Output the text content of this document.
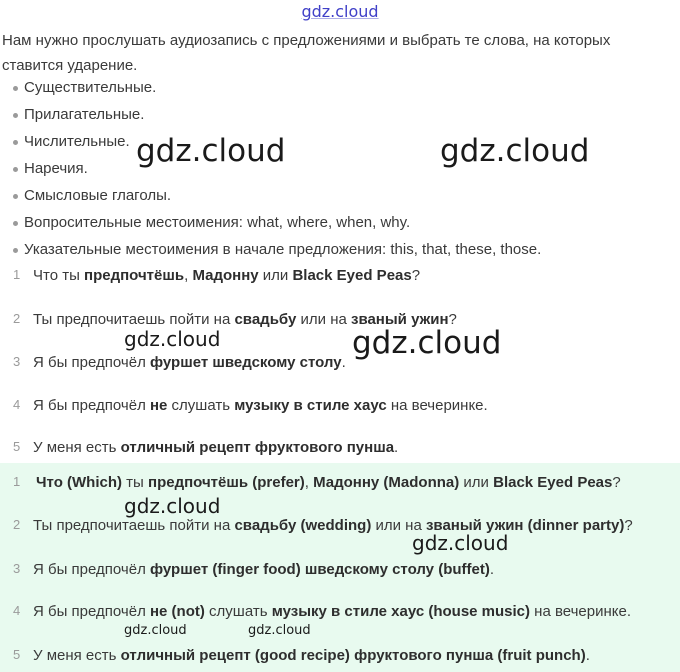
gdz.cloud
Нам нужно прослушать аудиозапись с предложениями и выбрать те слова, на которых ставится ударение.
Существительные.
Прилагательные.
Числительные.
Наречия.
Смысловые глаголы.
Вопросительные местоимения: what, where, when, why.
Указательные местоимения в начале предложения: this, that, these, those.
1 Что ты предпочтёшь, Мадонну или Black Eyed Peas?
2 Ты предпочитаешь пойти на свадьбу или на званый ужин?
3 Я бы предпочёл фуршет шведскому столу.
4 Я бы предпочёл не слушать музыку в стиле хаус на вечеринке.
5 У меня есть отличный рецепт фруктового пунша.
1 Что (Which) ты предпочтёшь (prefer), Мадонну (Madonna) или Black Eyed Peas?
2 Ты предпочитаешь пойти на свадьбу (wedding) или на званый ужин (dinner party)?
3 Я бы предпочёл фуршет (finger food) шведскому столу (buffet).
4 Я бы предпочёл не (not) слушать музыку в стиле хаус (house music) на вечеринке.
5 У меня есть отличный рецепт (good recipe) фруктового пунша (fruit punch).
gdz.cloud	gdz.cloud
gdz.cloud
gdz.cloud
gdz.cloud
gdz.cloud
gdz.cloud	gdz.cloud
